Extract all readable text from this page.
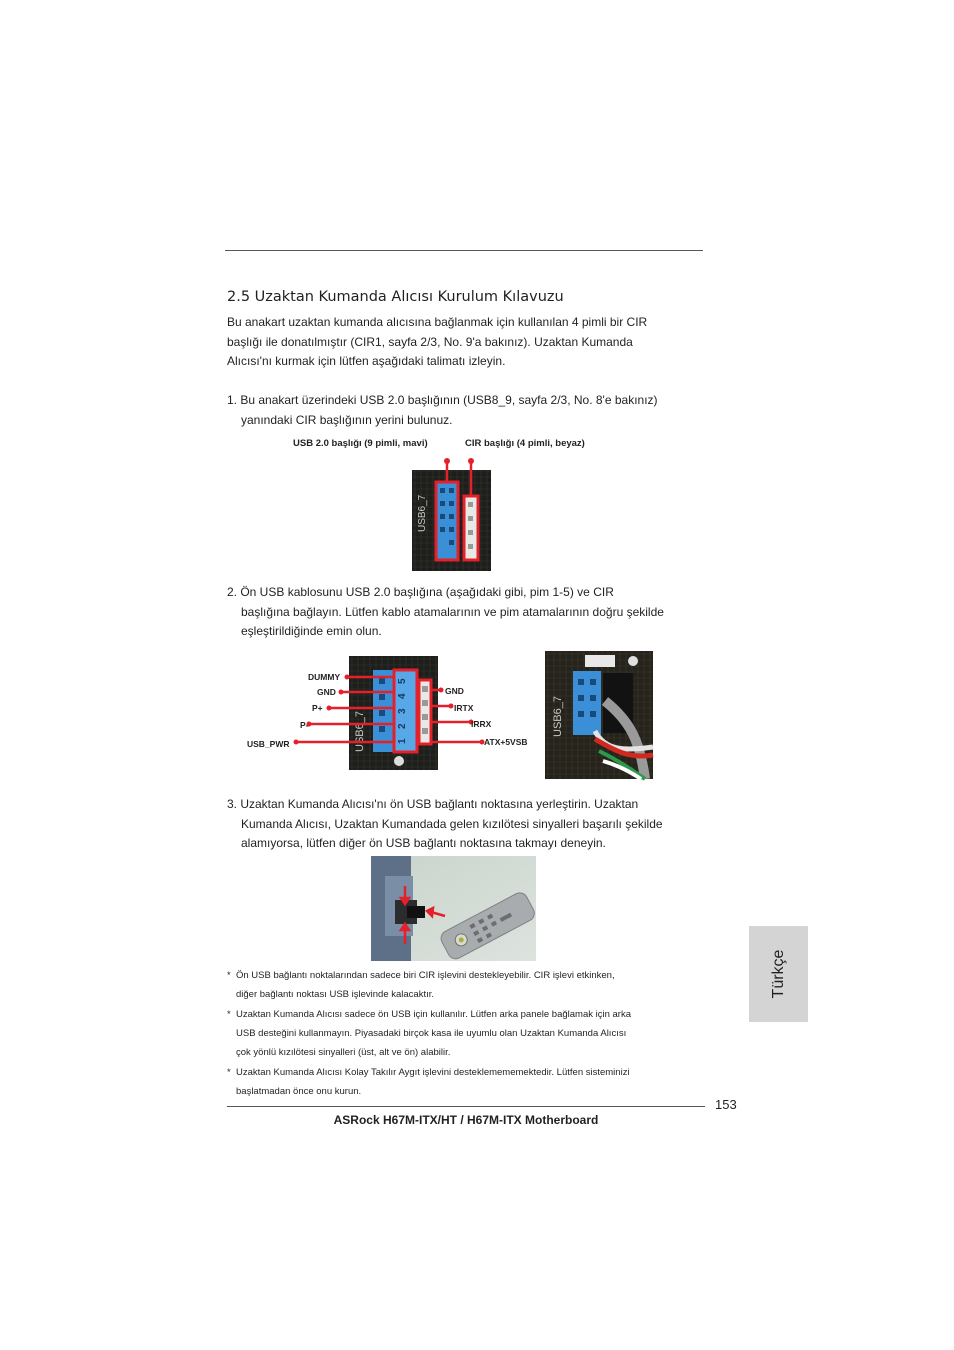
2.5 Uzaktan Kumanda Alıcısı Kurulum Kılavuzu
Bu anakart uzaktan kumanda alıcısına bağlanmak için kullanılan 4 pimli bir CIR
başlığı ile donatılmıştır (CIR1, sayfa 2/3, No. 9'a bakınız). Uzaktan Kumanda
Alıcısı'nı kurmak için lütfen aşağıdaki talimatı izleyin.
1. Bu anakart üzerindeki USB 2.0 başlığının (USB8_9, sayfa 2/3, No. 8'e bakınız)
yanındaki CIR başlığının yerini bulunuz.
USB 2.0 başlığı (9 pimli, mavi)	CIR başlığı (4 pimli, beyaz)
USB6_7
2. Ön USB kablosunu USB 2.0 başlığına (aşağıdaki gibi, pim 1-5) ve CIR
başlığına bağlayın. Lütfen kablo atamalarının ve pim atamalarının doğru şekilde
eşleştirildiğinde emin olun.
USB6_7	1
2
3
4
5
DUMMY
GND
P+
P-
USB_PWR
GND
IRTX
IRRX
ATX+5VSB
USB6_7
3. Uzaktan Kumanda Alıcısı'nı ön USB bağlantı noktasına yerleştirin. Uzaktan
Kumanda Alıcısı, Uzaktan Kumandada gelen kızılötesi sinyalleri başarılı şekilde
alamıyorsa, lütfen diğer ön USB bağlantı noktasına takmayı deneyin.
Türkçe
* Ön USB bağlantı noktalarından sadece biri CIR işlevini destekleyebilir. CIR işlevi etkinken,
diğer bağlantı noktası USB işlevinde kalacaktır.
* Uzaktan Kumanda Alıcısı sadece ön USB için kullanılır. Lütfen arka panele bağlamak için arka
USB desteğini kullanmayın. Piyasadaki birçok kasa ile uyumlu olan Uzaktan Kumanda Alıcısı
çok yönlü kızılötesi sinyalleri (üst, alt ve ön) alabilir.
* Uzaktan Kumanda Alıcısı Kolay Takılır Aygıt işlevini desteklemememektedir. Lütfen sisteminizi
başlatmadan önce onu kurun.
153
ASRock H67M-ITX/HT / H67M-ITX Motherboard
